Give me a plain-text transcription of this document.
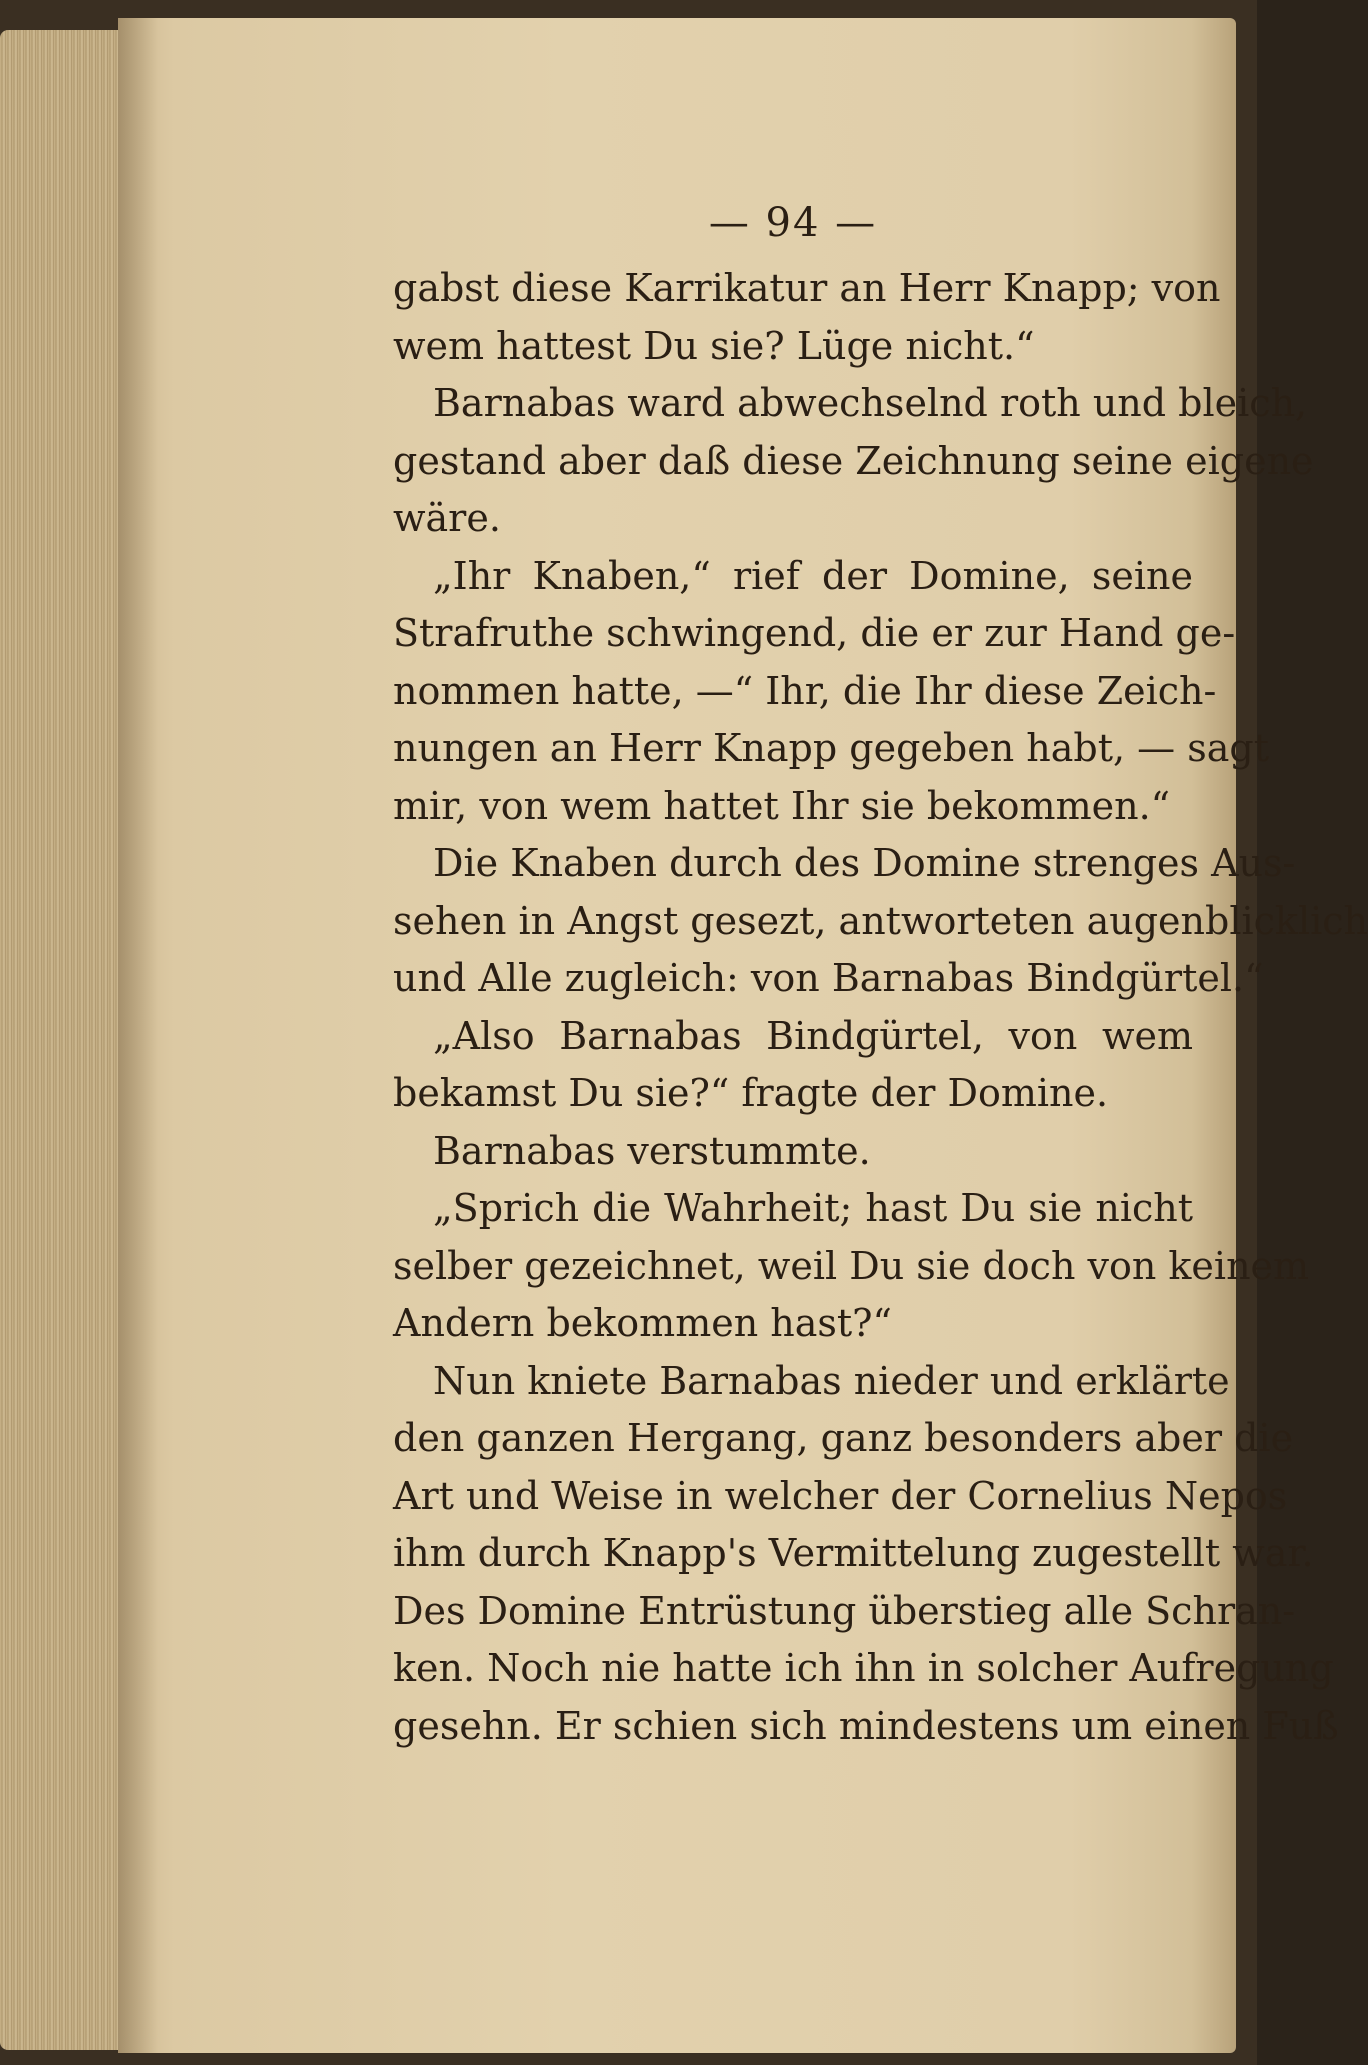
— 94 —
gabst diese Karrikatur an Herr Knapp; von
wem hattest Du sie? Lüge nicht.“
Barnabas ward abwechselnd roth und bleich,
gestand aber daß diese Zeichnung seine eigene
wäre.
„Ihr Knaben,“ rief der Domine, seine
Strafruthe schwingend, die er zur Hand ge-
nommen hatte, —“ Ihr, die Ihr diese Zeich-
nungen an Herr Knapp gegeben habt, — sagt
mir, von wem hattet Ihr sie bekommen.“
Die Knaben durch des Domine strenges Aus-
sehen in Angst gesezt, antworteten augenblicklich
und Alle zugleich: von Barnabas Bindgürtel.“
„Also Barnabas Bindgürtel, von wem
bekamst Du sie?“ fragte der Domine.
Barnabas verstummte.
„Sprich die Wahrheit; hast Du sie nicht
selber gezeichnet, weil Du sie doch von keinem
Andern bekommen hast?“
Nun kniete Barnabas nieder und erklärte
den ganzen Hergang, ganz besonders aber die
Art und Weise in welcher der Cornelius Nepos
ihm durch Knapp's Vermittelung zugestellt war.
Des Domine Entrüstung überstieg alle Schran-
ken. Noch nie hatte ich ihn in solcher Aufregung
gesehn. Er schien sich mindestens um einen Fuß
